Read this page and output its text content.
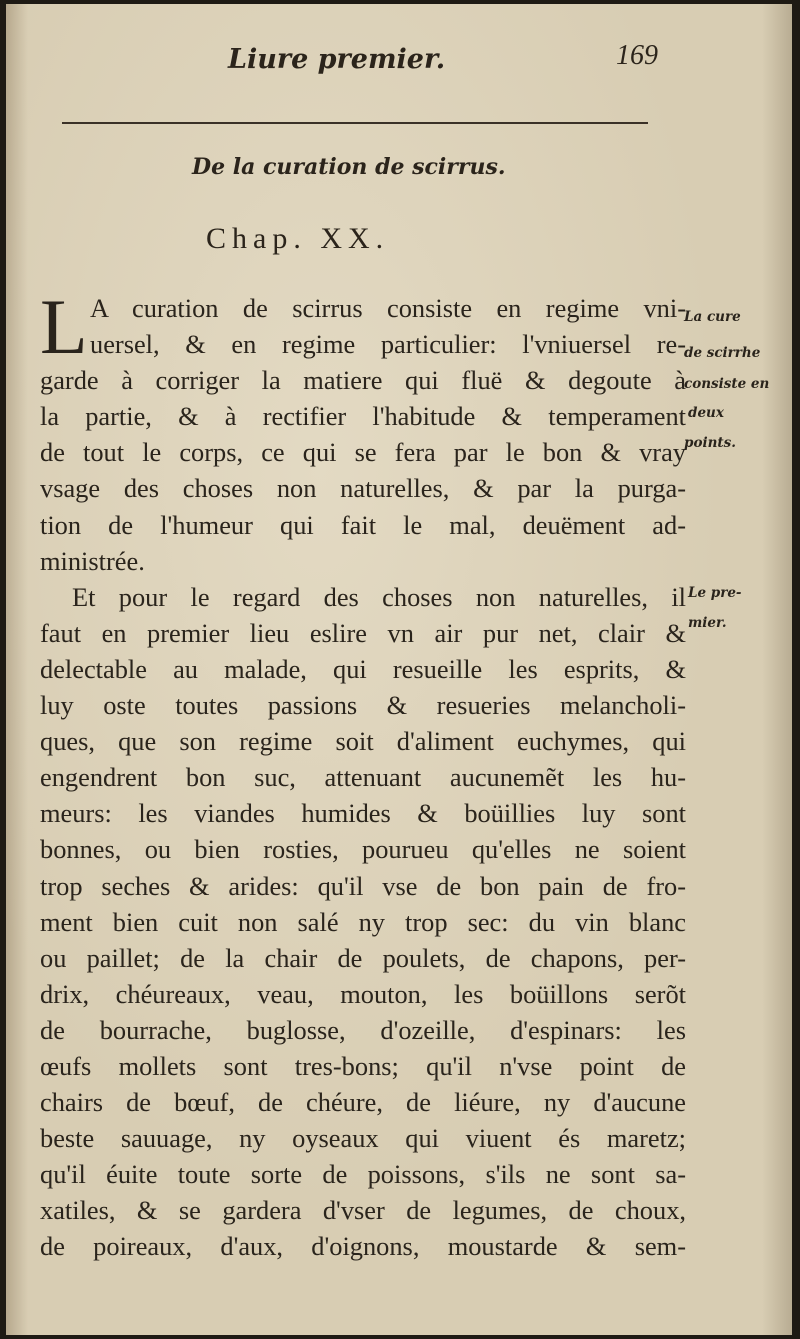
Liure premier.	169
De la curation de scirrus.
Chap. XX.
L A curation de scirrus consiste en regime vni-
uersel, & en regime particulier: l'vniuersel re-
garde à corriger la matiere qui fluë & degoute à
la partie, & à rectifier l'habitude & temperament
de tout le corps, ce qui se fera par le bon & vray
vsage des choses non naturelles, & par la purga-
tion de l'humeur qui fait le mal, deuëment ad-
ministrée.
Et pour le regard des choses non naturelles, il
faut en premier lieu eslire vn air pur net, clair &
delectable au malade, qui resueille les esprits, &
luy oste toutes passions & resueries melancholi-
ques, que son regime soit d'aliment euchymes, qui
engendrent bon suc, attenuant aucunemẽt les hu-
meurs: les viandes humides & boüillies luy sont
bonnes, ou bien rosties, pourueu qu'elles ne soient
trop seches & arides: qu'il vse de bon pain de fro-
ment bien cuit non salé ny trop sec: du vin blanc
ou paillet; de la chair de poulets, de chapons, per-
drix, chéureaux, veau, mouton, les boüillons serõt
de bourrache, buglosse, d'ozeille, d'espinars: les
œufs mollets sont tres-bons; qu'il n'vse point de
chairs de bœuf, de chéure, de liéure, ny d'aucune
beste sauuage, ny oyseaux qui viuent és maretz;
qu'il éuite toute sorte de poissons, s'ils ne sont sa-
xatiles, & se gardera d'vser de legumes, de choux,
de poireaux, d'aux, d'oignons, moustarde & sem-
La cure
de scirrhe
consiste en
deux
points.
Le pre-
mier.
